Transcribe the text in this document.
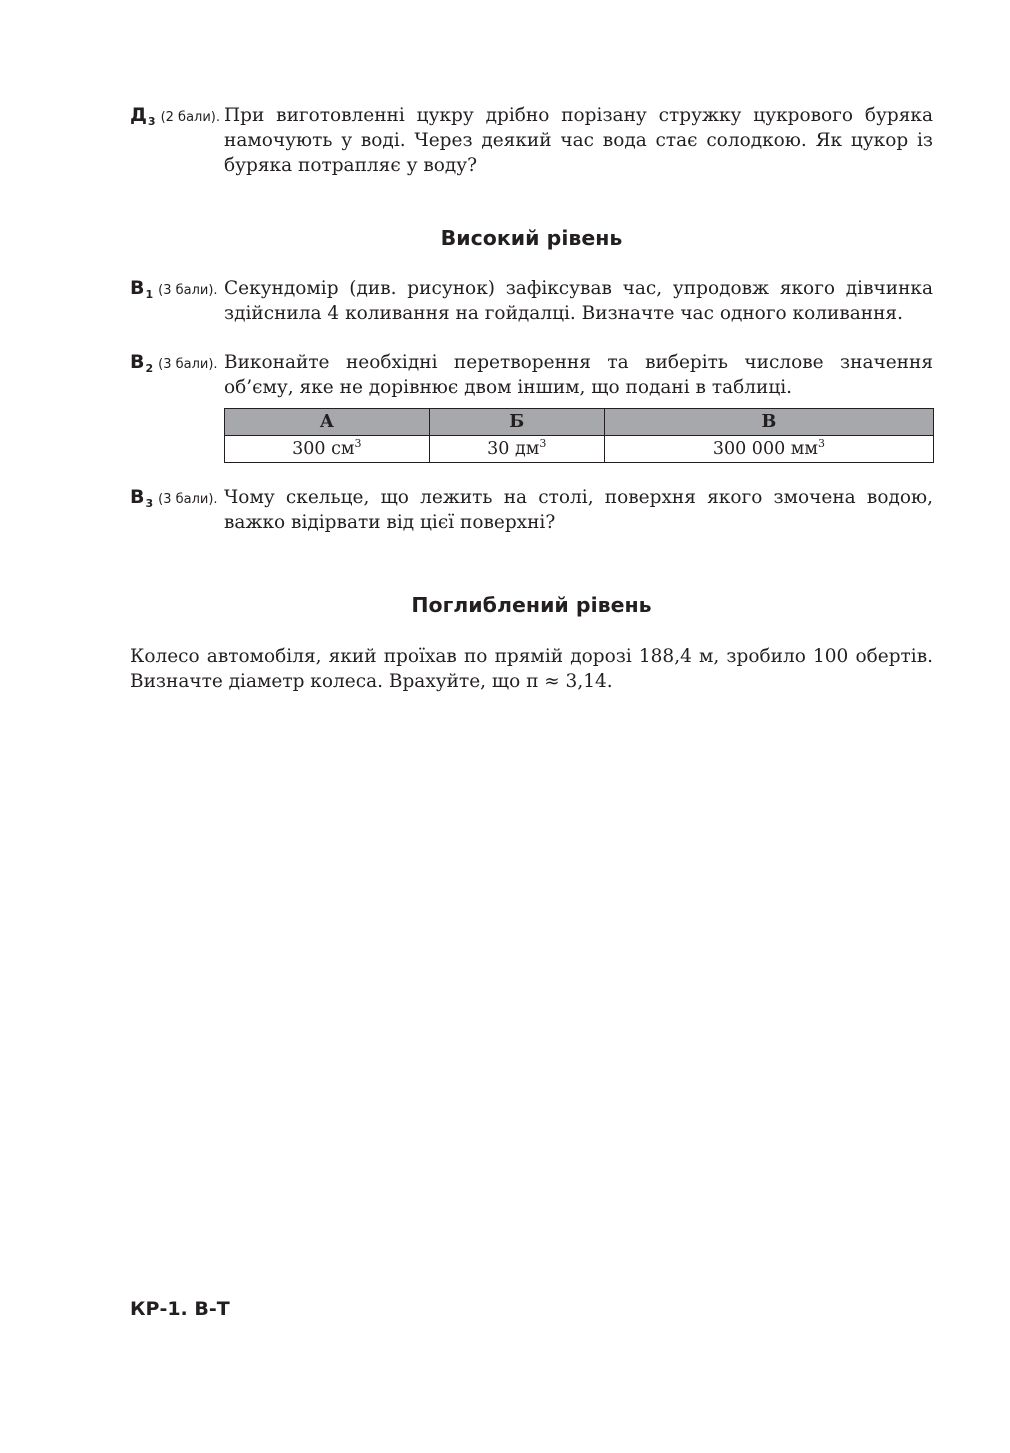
$Д_3$ (2 бали). При виготовленні цукру дрібно порізану стружку цукрового буряка намочують у воді. Через деякий час вода стає солодкою. Як цукор із буряка потрапляє у воду?
Високий рівень
$В_1$ (3 бали). Секундомір (див. рисунок) зафіксував час, упродовж якого дівчинка здійснила 4 коливання на гойдалці. Визначте час одного коливання.
$В_2$ (3 бали). Виконайте необхідні перетворення та виберіть числове значення об’єму, яке не дорівнює двом іншим, що подані в таблиці.
А	Б	В
300 $см^3$	30 $дм^3$	300 000 $мм^3$
$В_3$ (3 бали). Чому скельце, що лежить на столі, поверхня якого змочена водою, важко відірвати від цієї поверхні?
Поглиблений рівень
Колесо автомобіля, який проїхав по прямій дорозі 188,4 м, зробило 100 обертів. Визначте діаметр колеса. Врахуйте, що π ≈ 3,14.
КР-1. В-Т
